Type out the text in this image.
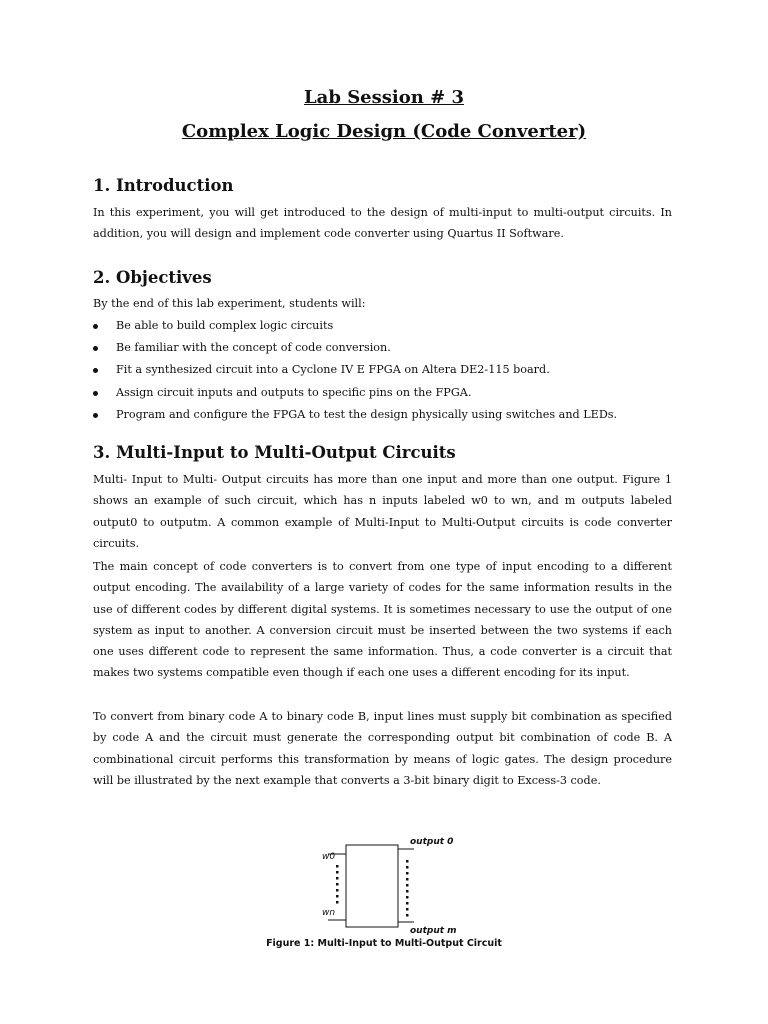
Lab Session # 3
Complex Logic Design (Code Converter)
1. Introduction
In this experiment, you will get introduced to the design of multi-input to multi-output circuits. In addition, you will design and implement code converter using Quartus II Software.
2. Objectives
By the end of this lab experiment, students will:
Be able to build complex logic circuits
Be familiar with the concept of code conversion.
Fit a synthesized circuit into a Cyclone IV E FPGA on Altera DE2-115 board.
Assign circuit inputs and outputs to specific pins on the FPGA.
Program and configure the FPGA to test the design physically using switches and LEDs.
3. Multi-Input to Multi-Output Circuits
Multi- Input to Multi- Output circuits has more than one input and more than one output. Figure 1 shows an example of such circuit, which has n inputs labeled w0 to wn, and m outputs labeled output0 to outputm. A common example of Multi-Input to Multi-Output circuits is code converter circuits.
The main concept of code converters is to convert from one type of input encoding to a different output encoding. The availability of a large variety of codes for the same information results in the use of different codes by different digital systems. It is sometimes necessary to use the output of one system as input to another. A conversion circuit must be inserted between the two systems if each one uses different code to represent the same information. Thus, a code converter is a circuit that makes two systems compatible even though if each one uses a different encoding for its input.
To convert from binary code A to binary code B, input lines must supply bit combination as specified by code A and the circuit must generate the corresponding output bit combination of code B. A combinational circuit performs this transformation by means of logic gates. The design procedure will be illustrated by the next example that converts a 3-bit binary digit to Excess-3 code.
w0
wn
output 0
output m
Figure 1: Multi-Input to Multi-Output Circuit
